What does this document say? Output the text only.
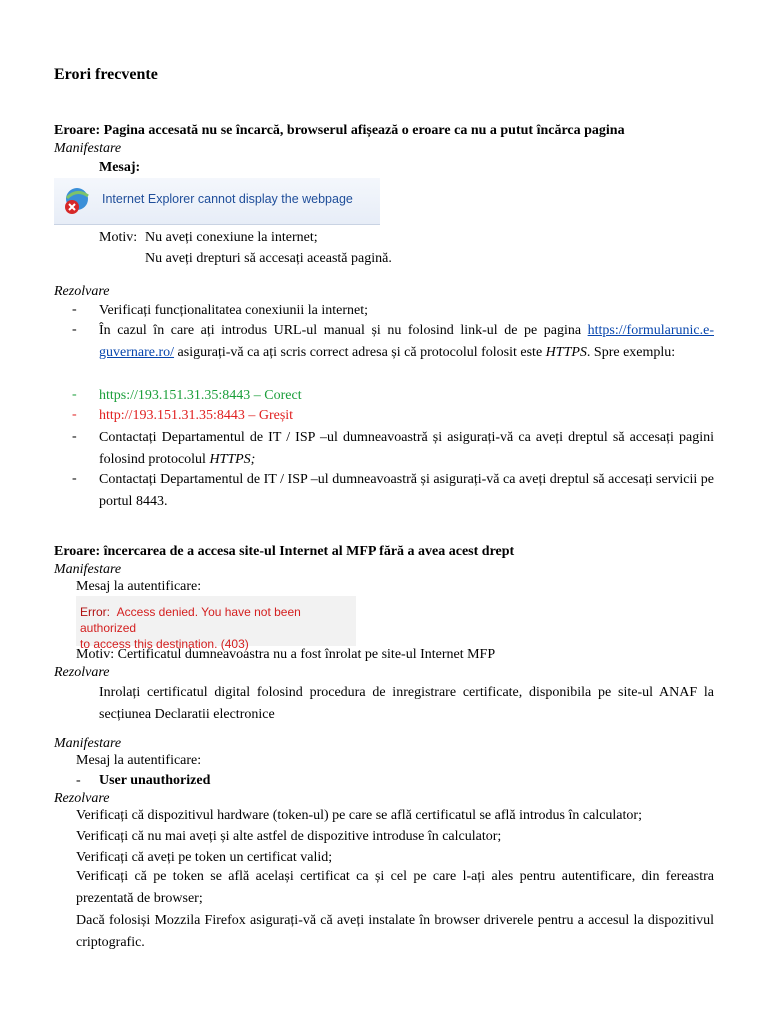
Erori frecvente

Eroare: Pagina accesată nu se încarcă, browserul afișează o eroare ca nu a putut încărca pagina

Manifestare

Mesaj:

Internet Explorer cannot display the webpage

Motiv: Nu aveți conexiune la internet;

Nu aveți drepturi să accesați această pagină.

Rezolvare

- Verificați funcționalitatea conexiunii la internet;

- În cazul în care ați introdus URL-ul manual și nu folosind link-ul de pe pagina https://formularunic.e-guvernare.ro/ asigurați-vă ca ați scris correct adresa și că protocolul folosit este HTTPS. Spre exemplu:

- https://193.151.31.35:8443 – Corect

- http://193.151.31.35:8443 – Greșit

- Contactați Departamentul de IT / ISP –ul dumneavoastră și asigurați-vă ca aveți dreptul să accesați pagini folosind protocolul HTTPS;

- Contactați Departamentul de IT / ISP –ul dumneavoastră și asigurați-vă ca aveți dreptul să accesați servicii pe portul 8443.

Eroare: încercarea de a accesa site-ul Internet al MFP fără a avea acest drept

Manifestare

Mesaj la autentificare:

Error: Access denied. You have not been authorized
to access this destination. (403)

Motiv: Certificatul dumneavoastra nu a fost înrolat pe site-ul Internet MFP

Rezolvare

Inrolați certificatul digital folosind procedura de inregistrare certificate, disponibila pe site-ul ANAF la secțiunea Declaratii electronice

Manifestare

Mesaj la autentificare:

- User unauthorized

Rezolvare

Verificați că dispozitivul hardware (token-ul) pe care se află certificatul se află introdus în calculator;

Verificați că nu mai aveți și alte astfel de dispozitive introduse în calculator;

Verificați că aveți pe token un certificat valid;

Verificați că pe token se află același certificat ca și cel pe care l-ați ales pentru autentificare, din fereastra prezentată de browser;

Dacă folosiși Mozzila Firefox asigurați-vă că aveți instalate în browser driverele pentru a accesul la dispozitivul criptografic.
